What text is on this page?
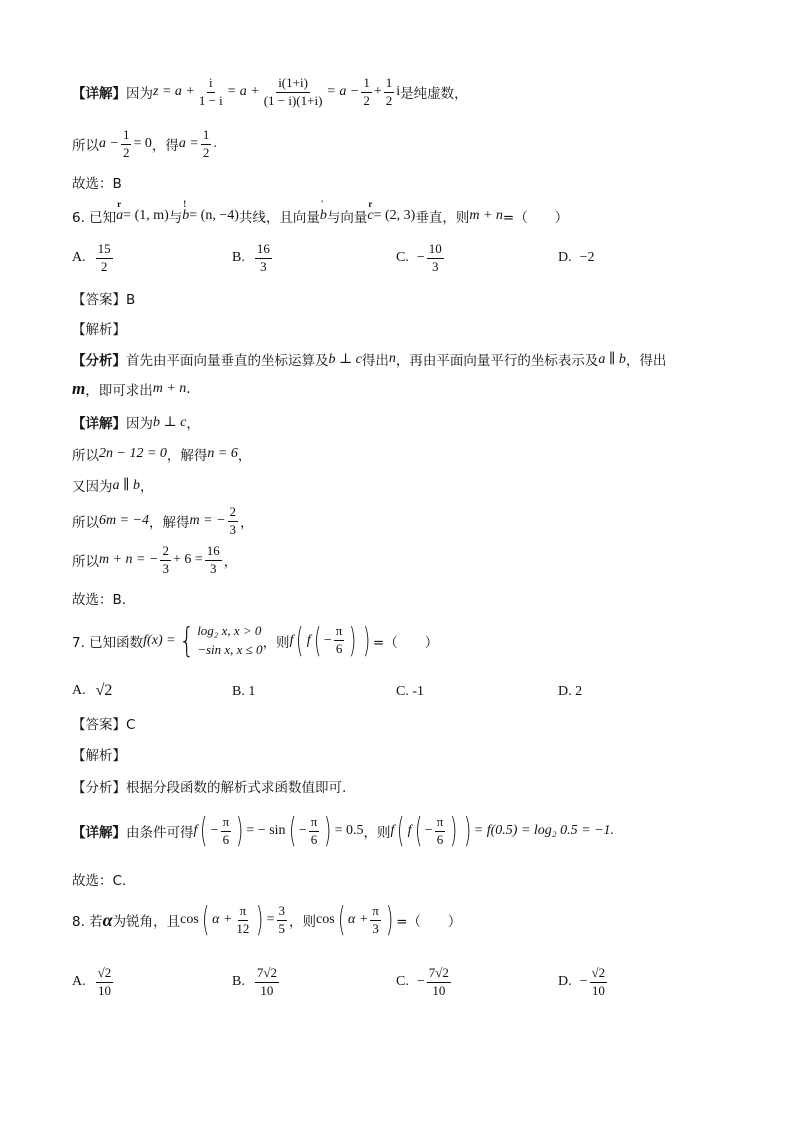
【详解】 因为 $z = a + \frac{i}{1 - i} = a + \frac{i(1+i)}{(1 - i)(1+i)} = a - \frac{1}{2} + \frac{1}{2}$ i 是纯虚数，
所以 $a - \frac{1}{2} = 0$ ，得 $a = \frac{1}{2}$ .
故选：B
6. 已知
r
a = (1, m) 与
!
b = (n, −4) 共线，且向量
'
b 与向量
r
c = (2, 3) 垂直，则 m + n =（　　）
A. $\frac{15}{2}$	B. $\frac{16}{3}$	C. − $\frac{10}{3}$	D. −2
【答案】B
【解析】
【分析】 首先由平面向量垂直的坐标运算及 b ⊥ c 得出 n ，再由平面向量平行的坐标表示及 a ∥ b ，得出
m ，即可求出 m + n .
【详解】 因为 b ⊥ c ，
所以 2n − 12 = 0 ，解得 n = 6 ，
又因为 a ∥ b ，
所以 6m = −4 ，解得 m = − $\frac{2}{3}$ ，
所以 m + n = − $\frac{2}{3} + 6 = \frac{16}{3}$ ，
故选：B.
7. 已知函数 f(x) = { log₂ x, x > 0
−sin x, x ≤ 0 ，则 f ( f ( − $\frac{\pi}{6}$ ) ) =（　　）
A. √2	B. 1	C. -1	D. 2
【答案】C
【解析】
【分析】根据分段函数的解析式求函数值即可.
【详解】 由条件可得 f ( − $\frac{\pi}{6}$ ) = − sin ( − $\frac{\pi}{6}$ ) = 0.5 ，则 f ( f ( − $\frac{\pi}{6}$ ) ) = f(0.5) = log₂ 0.5 = −1.
故选：C.
8. 若 α 为锐角，且 cos ( $\alpha + \frac{\pi}{12}$ ) = $\frac{3}{5}$ ，则 cos ( $\alpha + \frac{\pi}{3}$ ) =（　　）
A. $\frac{√2}{10}$	B. $\frac{7√2}{10}$	C. − $\frac{7√2}{10}$	D. − $\frac{√2}{10}$
